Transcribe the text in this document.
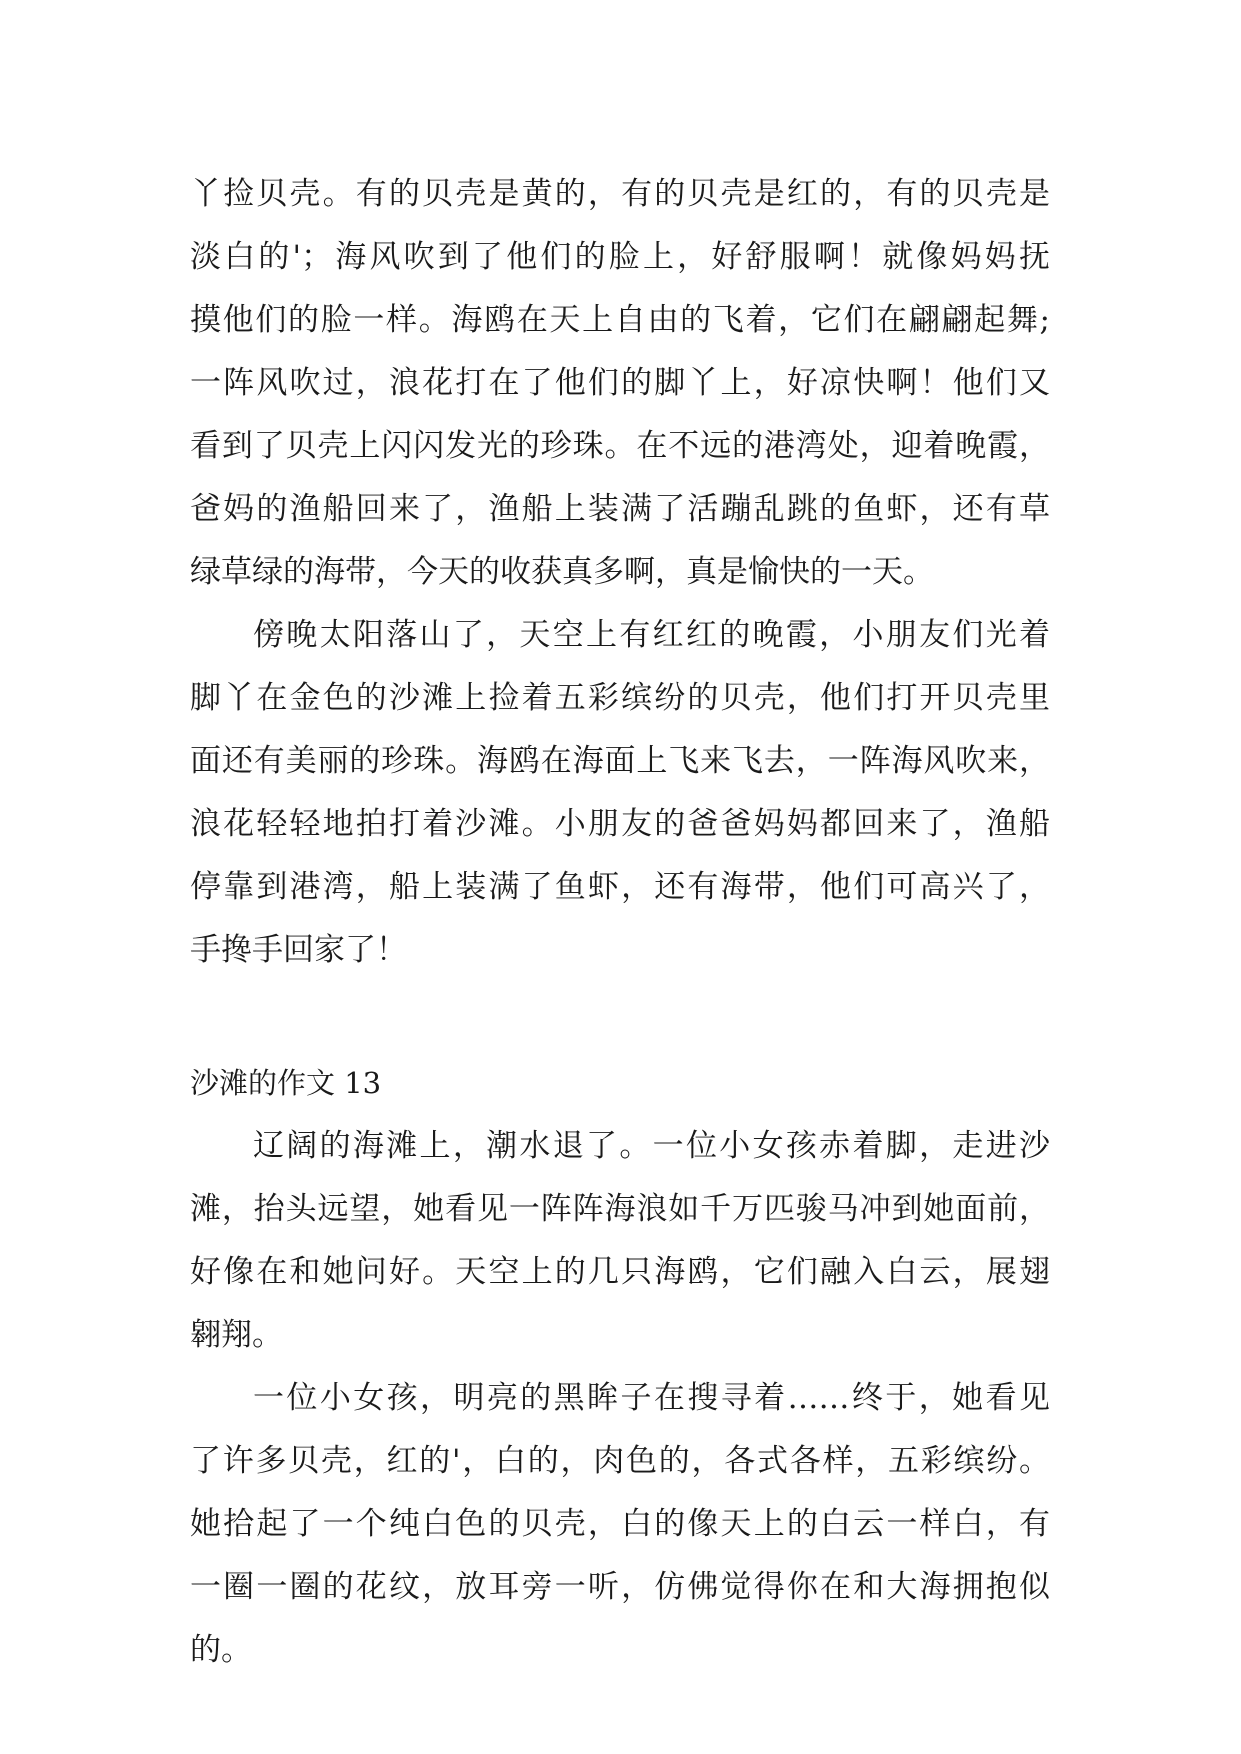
丫捡贝壳。有的贝壳是黄的，有的贝壳是红的，有的贝壳是
淡白的'；海风吹到了他们的脸上，好舒服啊！就像妈妈抚
摸他们的脸一样。海鸥在天上自由的飞着，它们在翩翩起舞;
一阵风吹过，浪花打在了他们的脚丫上，好凉快啊！他们又
看到了贝壳上闪闪发光的珍珠。在不远的港湾处，迎着晚霞，
爸妈的渔船回来了，渔船上装满了活蹦乱跳的鱼虾，还有草
绿草绿的海带，今天的收获真多啊，真是愉快的一天。
傍晚太阳落山了，天空上有红红的晚霞，小朋友们光着
脚丫在金色的沙滩上捡着五彩缤纷的贝壳，他们打开贝壳里
面还有美丽的珍珠。海鸥在海面上飞来飞去，一阵海风吹来，
浪花轻轻地拍打着沙滩。小朋友的爸爸妈妈都回来了，渔船
停靠到港湾，船上装满了鱼虾，还有海带，他们可高兴了，
手搀手回家了！
沙滩的作文 13
辽阔的海滩上，潮水退了。一位小女孩赤着脚，走进沙
滩，抬头远望，她看见一阵阵海浪如千万匹骏马冲到她面前，
好像在和她问好。天空上的几只海鸥，它们融入白云，展翅
翱翔。
一位小女孩，明亮的黑眸子在搜寻着……终于，她看见
了许多贝壳，红的'，白的，肉色的，各式各样，五彩缤纷。
她拾起了一个纯白色的贝壳，白的像天上的白云一样白，有
一圈一圈的花纹，放耳旁一听，仿佛觉得你在和大海拥抱似
的。
